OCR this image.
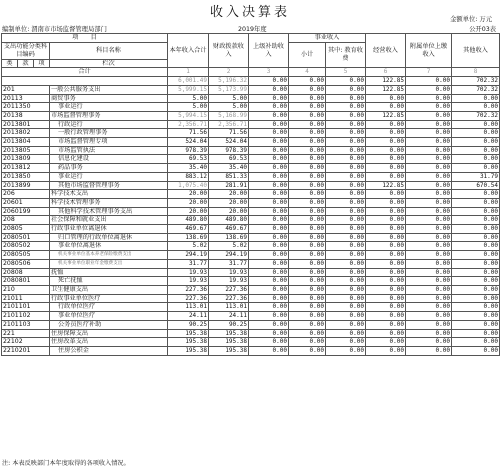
收入决算表	金额单位: 万元
编制单位: 渭南市市场监督管理局部门	2019年度	公开03表
项　　目				本年收入合计	财政拨款收入	上级补助收入	事业收入		经营收入	附属单位上缴收入	其他收入
支出功能分类科目编码			科目名称				小计	其中: 教育收费			

类	款	项	栏次								
合计				1	2	3	4	5	6	7	8
				6,001.49	5,196.32	0.00	0.00	0.00	122.85	0.00	702.32
201			一般公共服务支出	5,999.15	5,173.99	0.00	0.00	0.00	122.85	0.00	702.32
20113			商贸事务	5.00	5.00	0.00	0.00	0.00	0.00	0.00	0.00
2011350			事业运行	5.00	5.00	0.00	0.00	0.00	0.00	0.00	0.00
20138			市场监督管理事务	5,994.15	5,168.99	0.00	0.00	0.00	122.85	0.00	702.32
2013801			行政运行	2,356.71	2,356.71	0.00	0.00	0.00	0.00	0.00	0.00
2013802			一般行政管理事务	71.56	71.56	0.00	0.00	0.00	0.00	0.00	0.00
2013804			市场监督管理专项	524.04	524.04	0.00	0.00	0.00	0.00	0.00	0.00
2013805			市场监管执法	978.39	978.39	0.00	0.00	0.00	0.00	0.00	0.00
2013809			信息化建设	69.53	69.53	0.00	0.00	0.00	0.00	0.00	0.00
2013812			药品事务	35.40	35.40	0.00	0.00	0.00	0.00	0.00	0.00
2013850			事业运行	883.12	851.33	0.00	0.00	0.00	0.00	0.00	31.79
2013899			其他市场监督管理事务	1,075.40	281.91	0.00	0.00	0.00	122.85	0.00	670.54
206			科学技术支出	20.00	20.00	0.00	0.00	0.00	0.00	0.00	0.00
20601			科学技术管理事务	20.00	20.00	0.00	0.00	0.00	0.00	0.00	0.00
2060199			其他科学技术管理事务支出	20.00	20.00	0.00	0.00	0.00	0.00	0.00	0.00
208			社会保障和就业支出	489.80	489.80	0.00	0.00	0.00	0.00	0.00	0.00
20805			行政事业单位离退休	469.67	469.67	0.00	0.00	0.00	0.00	0.00	0.00
2080501			归口管理的行政单位离退休	138.69	138.69	0.00	0.00	0.00	0.00	0.00	0.00
2080502			事业单位离退休	5.02	5.02	0.00	0.00	0.00	0.00	0.00	0.00
2080505			机关事业单位基本养老保险缴费支出	294.19	294.19	0.00	0.00	0.00	0.00	0.00	0.00
2080506			机关事业单位职业年金缴费支出	31.77	31.77	0.00	0.00	0.00	0.00	0.00	0.00
20808			抚恤	19.93	19.93	0.00	0.00	0.00	0.00	0.00	0.00
2080801			死亡抚恤	19.93	19.93	0.00	0.00	0.00	0.00	0.00	0.00
210			卫生健康支出	227.36	227.36	0.00	0.00	0.00	0.00	0.00	0.00
21011			行政事业单位医疗	227.36	227.36	0.00	0.00	0.00	0.00	0.00	0.00
2101101			行政单位医疗	113.01	113.01	0.00	0.00	0.00	0.00	0.00	0.00
2101102			事业单位医疗	24.11	24.11	0.00	0.00	0.00	0.00	0.00	0.00
2101103			公务员医疗补助	90.25	90.25	0.00	0.00	0.00	0.00	0.00	0.00
221			住房保障支出	195.38	195.38	0.00	0.00	0.00	0.00	0.00	0.00
22102			住房改革支出	195.38	195.38	0.00	0.00	0.00	0.00	0.00	0.00
2210201			住房公积金	195.38	195.38	0.00	0.00	0.00	0.00	0.00	0.00
注: 本表反映部门本年度取得的各项收入情况。
